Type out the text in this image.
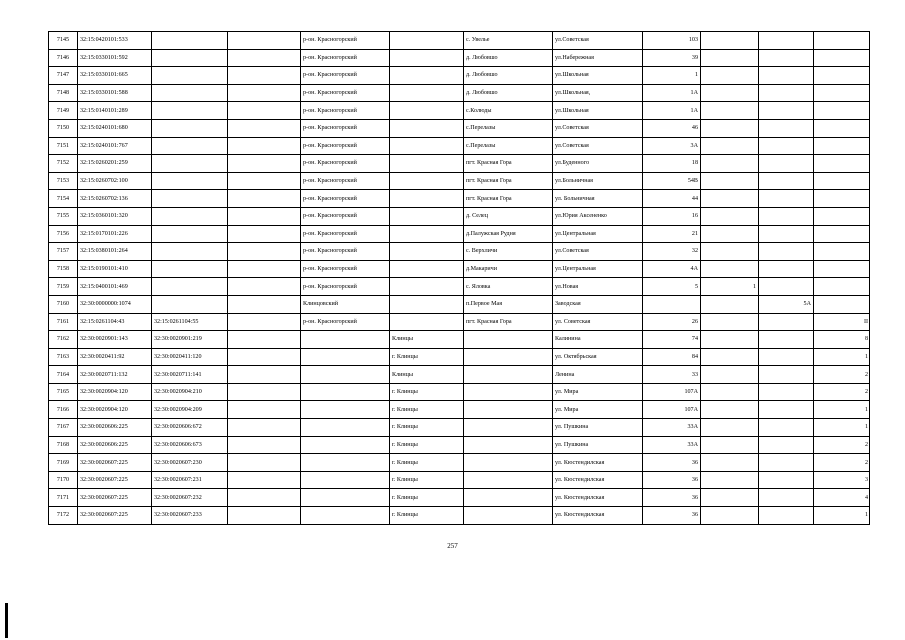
7145	32:15:0420101:533			р-он. Красногорский		с. Увелье	ул.Советская	103			
7146	32:15:0330101:592			р-он. Красногорский		д. Любовшо	ул.Набережная	39			
7147	32:15:0330101:665			р-он. Красногорский		д. Любовшо	ул.Школьная	1			
7148	32:15:0330101:588			р-он. Красногорский		д. Любовшо	ул.Школьная,	1А			
7149	32:15:0140101:289			р-он. Красногорский		с.Колюды	ул.Школьная	1А			
7150	32:15:0240101:680			р-он. Красногорский		с.Перелазы	ул.Советская	46			
7151	32:15:0240101:767			р-он. Красногорский		с.Перелазы	ул.Советская	3А			
7152	32:15:0260201:259			р-он. Красногорский		пгт. Красная Гора	ул.Буденного	18			
7153	32:15:0260702:100			р-он. Красногорский		пгт. Красная Гора	ул.Больничная	54В			
7154	32:15:0260702:136			р-он. Красногорский		пгт. Красная Гора	ул. Больничная	44			
7155	32:15:0360101:320			р-он. Красногорский		д. Селец	ул.Юрия Аксененко	16			
7156	32:15:0170101:226			р-он. Красногорский		д.Палужская Рудня	ул.Центральная	21			
7157	32:15:0380101:264			р-он. Красногорский		с. Верхличи	ул.Советская	32			
7158	32:15:0190101:410			р-он. Красногорский		д.Макаричи	ул.Центральная	4А			
7159	32:15:0400101:469			р-он. Красногорский		с. Яловка	ул.Новая	5	1		
7160	32:30:0000000:1074			Клинцовский		п.Первое Мая	Заводская			5А	
7161	32:15:0261104:43	32:15:0261104:55		р-он. Красногорский		пгт. Красная Гора	ул. Советская	26			II
7162	32:30:0020901:143	32:30:0020901:219			Клинцы		Калинина	74			8
7163	32:30:0020411:92	32:30:0020411:120			г. Клинцы		ул. Октябрьская	84			1
7164	32:30:0020711:132	32:30:0020711:141			Клинцы		Ленина	33			2
7165	32:30:0020904:120	32:30:0020904:210			г. Клинцы		ул. Мира	107А			2
7166	32:30:0020904:120	32:30:0020904:209			г. Клинцы		ул. Мира	107А			1
7167	32:30:0020606:225	32:30:0020606:672			г. Клинцы		ул. Пушкина	33А			1
7168	32:30:0020606:225	32:30:0020606:673			г. Клинцы		ул. Пушкина	33А			2
7169	32:30:0020607:225	32:30:0020607:230			г. Клинцы		ул. Кюстендилская	36			2
7170	32:30:0020607:225	32:30:0020607:231			г. Клинцы		ул. Кюстендилская	36			3
7171	32:30:0020607:225	32:30:0020607:232			г. Клинцы		ул. Кюстендилская	36			4
7172	32:30:0020607:225	32:30:0020607:233			г. Клинцы		ул. Кюстендилская	36			1
257
